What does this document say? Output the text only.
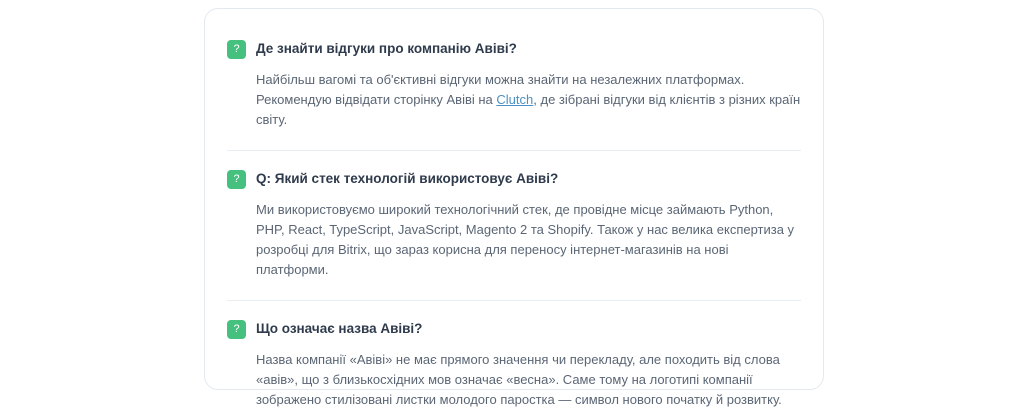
?	Де знайти відгуки про компанію Авіві?
Найбільш вагомі та об'єктивні відгуки можна знайти на незалежних платформах. Рекомендую відвідати сторінку Авіві на Clutch, де зібрані відгуки від клієнтів з різних країн світу.
?	Q: Який стек технологій використовує Авіві?
Ми використовуємо широкий технологічний стек, де провідне місце займають Python, PHP, React, TypeScript, JavaScript, Magento 2 та Shopify. Також у нас велика експертиза у розробці для Bitrix, що зараз корисна для переносу інтернет-магазинів на нові платформи.
?	Що означає назва Авіві?
Назва компанії «Авіві» не має прямого значення чи перекладу, але походить від слова «авів», що з близькосхідних мов означає «весна». Саме тому на логотипі компанії зображено стилізовані листки молодого паростка — символ нового початку й розвитку.
